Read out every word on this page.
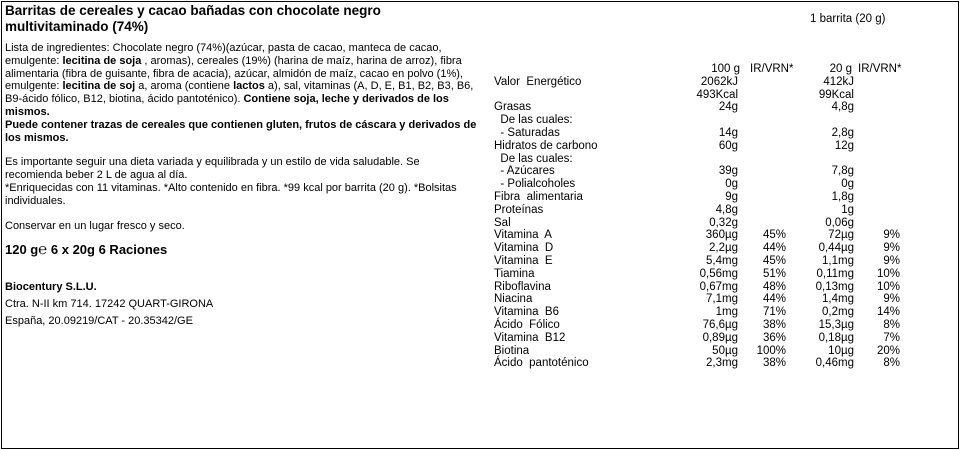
Barritas de cereales y cacao bañadas con chocolate negro multivitaminado (74%)	1 barrita (20 g)

Lista de ingredientes: Chocolate negro (74%)(azúcar, pasta de cacao, manteca de cacao, emulgente: lecitina de soja , aromas), cereales (19%) (harina de maíz, harina de arroz), fibra alimentaria (fibra de guisante, fibra de acacia), azúcar, almidón de maíz, cacao en polvo (1%), emulgente: lecitina de soj a, aroma (contiene lactos a), sal, vitaminas (A, D, E, B1, B2, B3, B6, B9-ácido fólico, B12, biotina, ácido pantoténico). Contiene soja, leche y derivados de los mismos.

Puede contener trazas de cereales que contienen gluten, frutos de cáscara y derivados de los mismos.

Es importante seguir una dieta variada y equilibrada y un estilo de vida saludable. Se recomienda beber 2 L de agua al día.

*Enriquecidas con 11 vitaminas. *Alto contenido en fibra. *99 kcal por barrita (20 g). *Bolsitas individuales.

Conservar en un lugar fresco y seco.

120 g℮ 6 x 20g 6 Raciones

Biocentury S.L.U.

Ctra. N-II km 714. 17242 QUART-GIRONA

España, 20.09219/CAT - 20.35342/GE

100 g IR/VRN*	20 g IR/VRN*
Valor  Energético	2062kJ	412kJ
493Kcal	99Kcal
Grasas	24g	4,8g
De las cuales:
- Saturadas	14g	2,8g
Hidratos de carbono	60g	12g
De las cuales:
- Azúcares	39g	7,8g
- Polialcoholes	0g	0g
Fibra  alimentaria	9g	1,8g
Proteínas	4,8g	1g
Sal	0,32g	0,06g
Vitamina  A	360µg	45%	72µg	9%
Vitamina  D	2,2µg	44%	0,44µg	9%
Vitamina  E	5,4mg	45%	1,1mg	9%
Tiamina	0,56mg	51%	0,11mg	10%
Riboflavina	0,67mg	48%	0,13mg	10%
Niacina	7,1mg	44%	1,4mg	9%
Vitamina  B6	1mg	71%	0,2mg	14%
Ácido  Fólico	76,6µg	38%	15,3µg	8%
Vitamina  B12	0,89µg	36%	0,18µg	7%
Biotina	50µg	100%	10µg	20%
Ácido  pantoténico	2,3mg	38%	0,46mg	8%
